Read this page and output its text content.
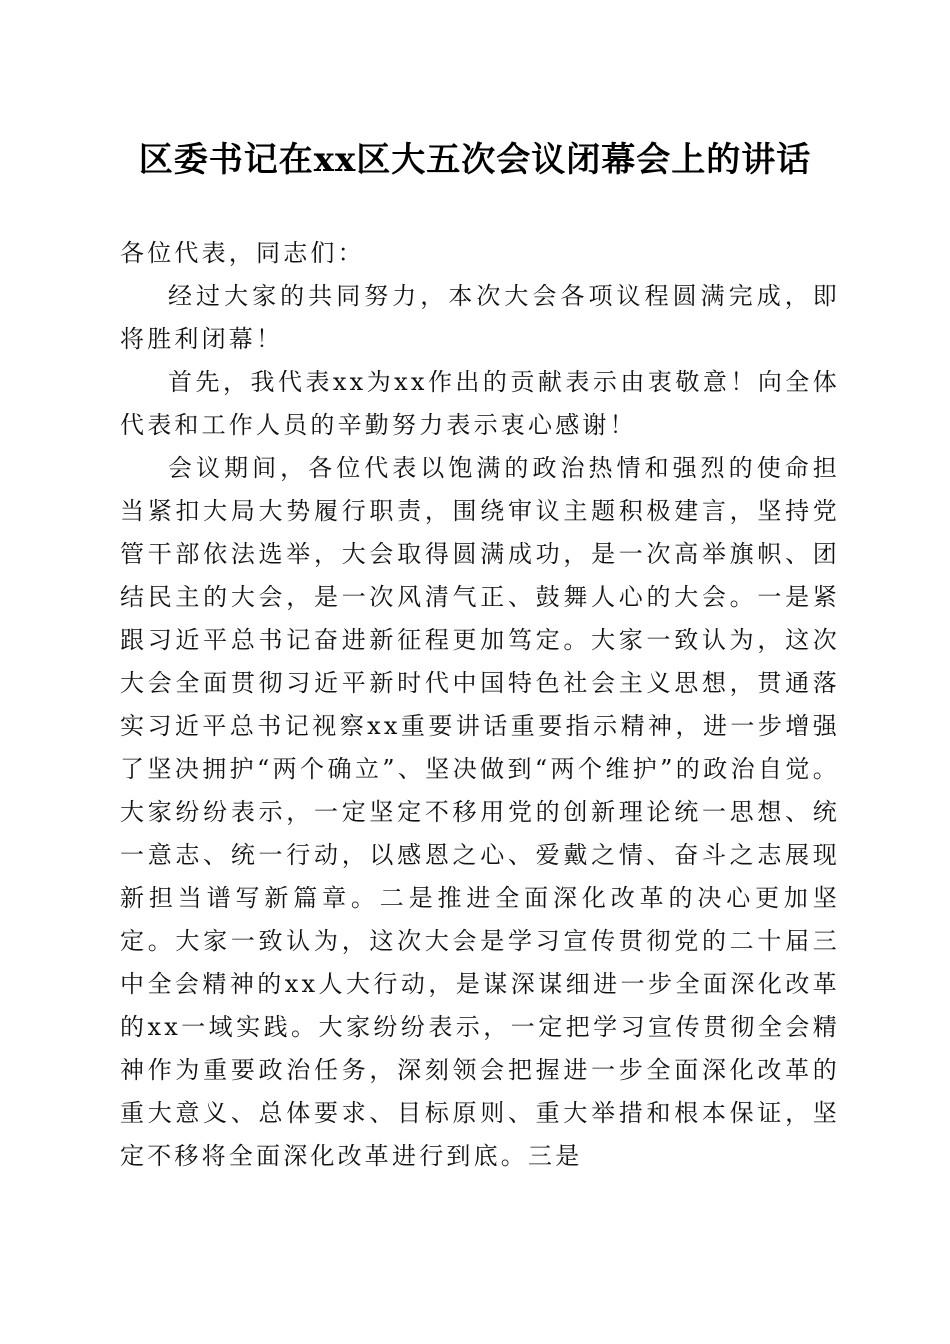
区委书记在xx区大五次会议闭幕会上的讲话

各位代表，同志们：

经过大家的共同努力，本次大会各项议程圆满完成，即将胜利闭幕！

首先，我代表xx为xx作出的贡献表示由衷敬意！向全体代表和工作人员的辛勤努力表示衷心感谢！

会议期间，各位代表以饱满的政治热情和强烈的使命担当紧扣大局大势履行职责，围绕审议主题积极建言，坚持党管干部依法选举，大会取得圆满成功，是一次高举旗帜、团结民主的大会，是一次风清气正、鼓舞人心的大会。一是紧跟习近平总书记奋进新征程更加笃定。大家一致认为，这次大会全面贯彻习近平新时代中国特色社会主义思想，贯通落实习近平总书记视察xx重要讲话重要指示精神，进一步增强了坚决拥护“两个确立”、坚决做到“两个维护”的政治自觉。大家纷纷表示，一定坚定不移用党的创新理论统一思想、统一意志、统一行动，以感恩之心、爱戴之情、奋斗之志展现新担当谱写新篇章。二是推进全面深化改革的决心更加坚定。大家一致认为，这次大会是学习宣传贯彻党的二十届三中全会精神的xx人大行动，是谋深谋细进一步全面深化改革的xx一域实践。大家纷纷表示，一定把学习宣传贯彻全会精神作为重要政治任务，深刻领会把握进一步全面深化改革的重大意义、总体要求、目标原则、重大举措和根本保证，坚定不移将全面深化改革进行到底。三是
